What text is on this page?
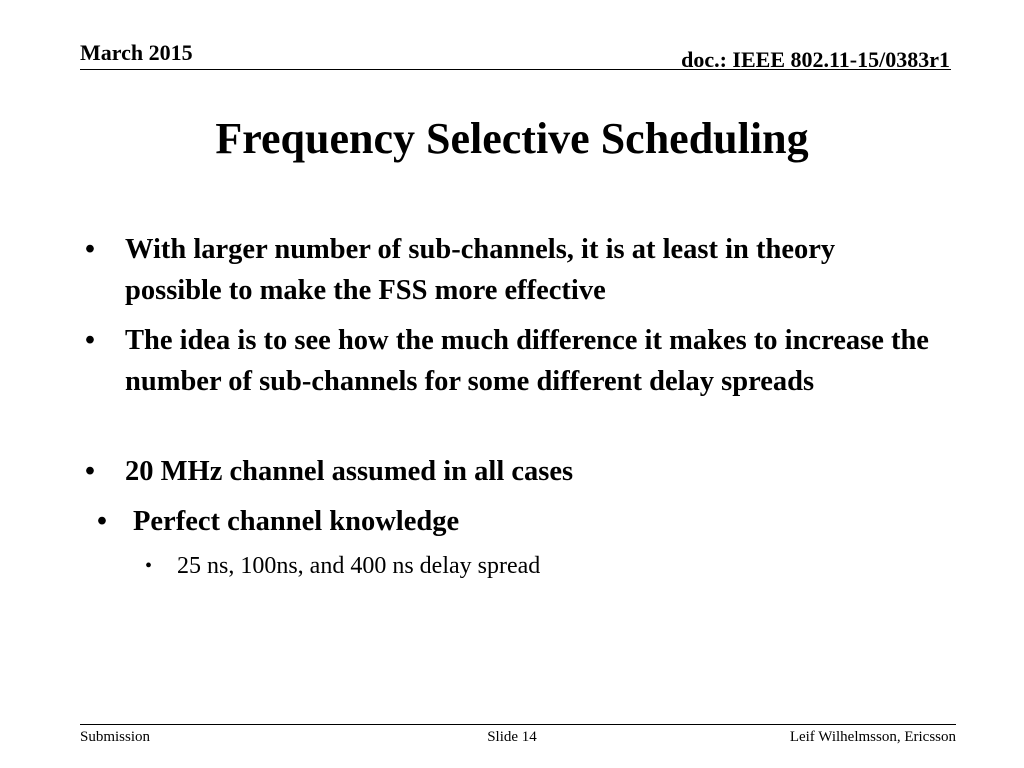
March 2015	doc.: IEEE 802.11-15/0383r1
Frequency Selective Scheduling
• With larger number of sub-channels, it is at least in theory possible to make the FSS more effective
• The idea is to see how the much difference it makes to increase the number of sub-channels for some different delay spreads
• 20 MHz channel assumed in all cases
• Perfect channel knowledge
• 25 ns, 100ns, and 400 ns delay spread
Submission	Slide 14	Leif Wilhelmsson, Ericsson
